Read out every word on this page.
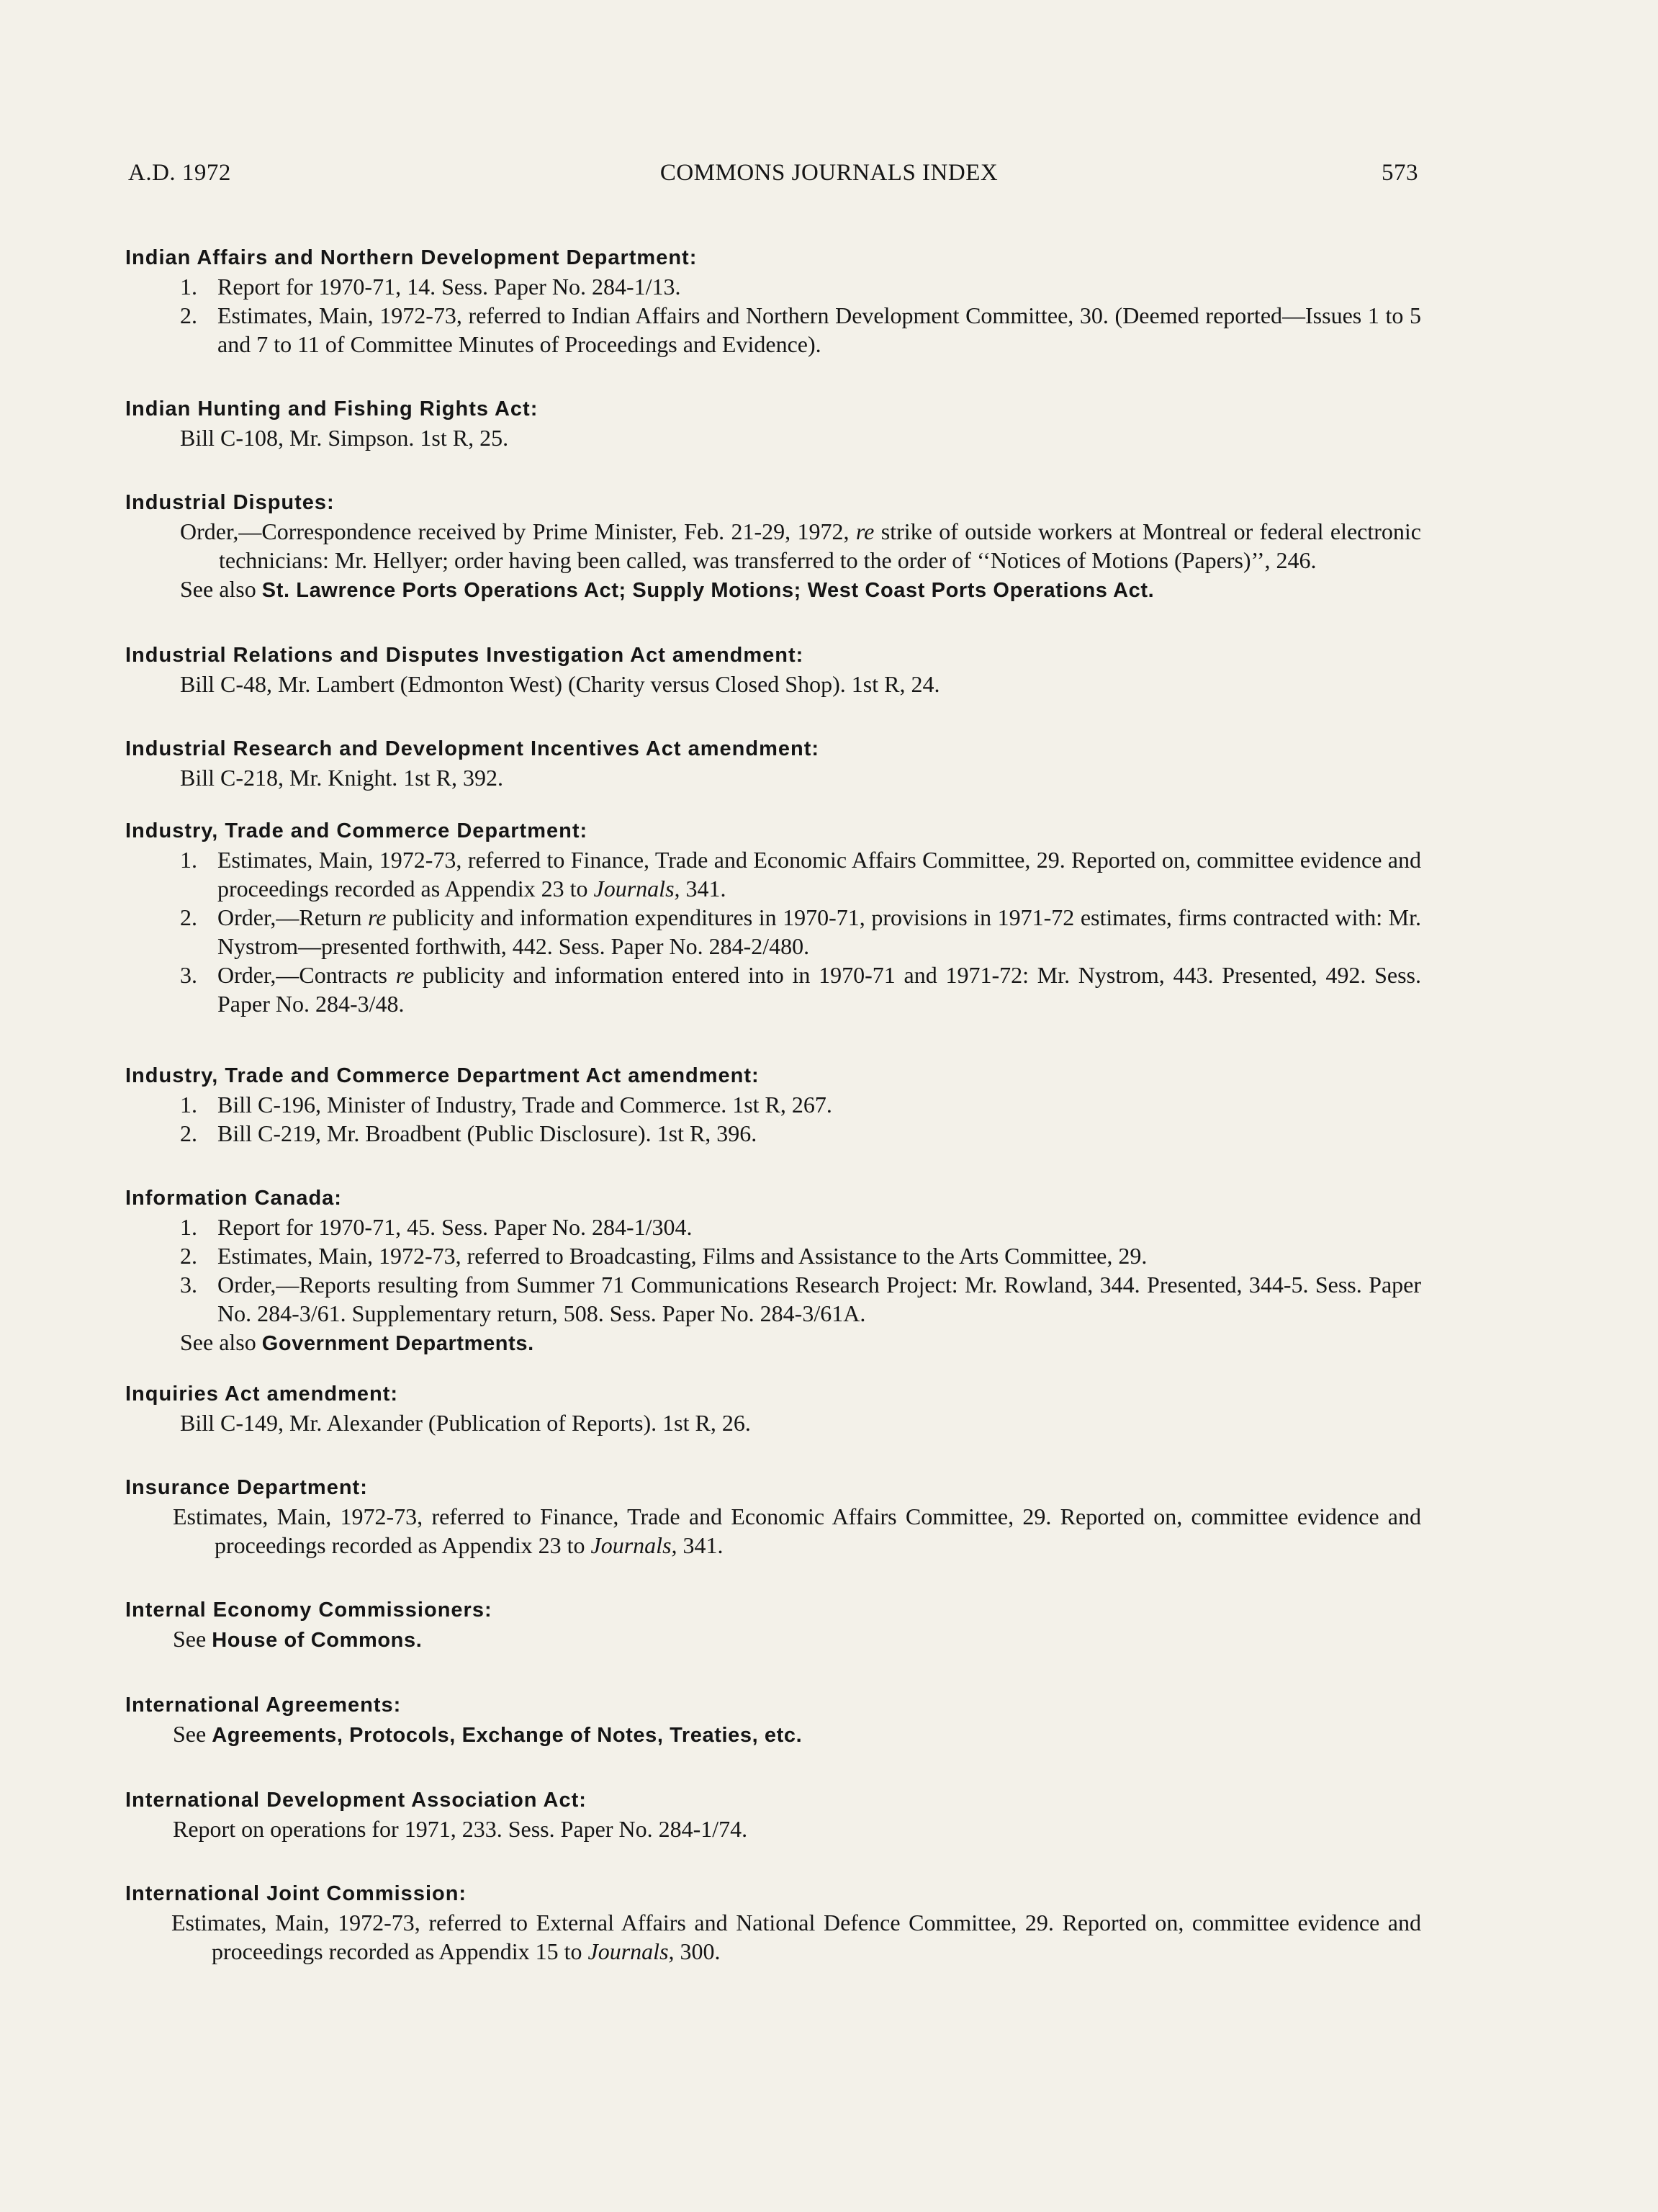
A.D. 1972	COMMONS JOURNALS INDEX	573
Indian Affairs and Northern Development Department:
1. Report for 1970-71, 14. Sess. Paper No. 284-1/13.
2. Estimates, Main, 1972-73, referred to Indian Affairs and Northern Development Committee, 30. (Deemed reported—Issues 1 to 5 and 7 to 11 of Committee Minutes of Proceedings and Evidence).
Indian Hunting and Fishing Rights Act:
Bill C-108, Mr. Simpson. 1st R, 25.
Industrial Disputes:
Order,—Correspondence received by Prime Minister, Feb. 21-29, 1972, re strike of outside workers at Montreal or federal electronic technicians: Mr. Hellyer; order having been called, was transferred to the order of ‘‘Notices of Motions (Papers)’’, 246.
See also St. Lawrence Ports Operations Act; Supply Motions; West Coast Ports Operations Act.
Industrial Relations and Disputes Investigation Act amendment:
Bill C-48, Mr. Lambert (Edmonton West) (Charity versus Closed Shop). 1st R, 24.
Industrial Research and Development Incentives Act amendment:
Bill C-218, Mr. Knight. 1st R, 392.
Industry, Trade and Commerce Department:
1. Estimates, Main, 1972-73, referred to Finance, Trade and Economic Affairs Committee, 29. Reported on, committee evidence and proceedings recorded as Appendix 23 to Journals, 341.
2. Order,—Return re publicity and information expenditures in 1970-71, provisions in 1971-72 estimates, firms contracted with: Mr. Nystrom—presented forthwith, 442. Sess. Paper No. 284-2/480.
3. Order,—Contracts re publicity and information entered into in 1970-71 and 1971-72: Mr. Nystrom, 443. Presented, 492. Sess. Paper No. 284-3/48.
Industry, Trade and Commerce Department Act amendment:
1. Bill C-196, Minister of Industry, Trade and Commerce. 1st R, 267.
2. Bill C-219, Mr. Broadbent (Public Disclosure). 1st R, 396.
Information Canada:
1. Report for 1970-71, 45. Sess. Paper No. 284-1/304.
2. Estimates, Main, 1972-73, referred to Broadcasting, Films and Assistance to the Arts Committee, 29.
3. Order,—Reports resulting from Summer 71 Communications Research Project: Mr. Rowland, 344. Presented, 344-5. Sess. Paper No. 284-3/61. Supplementary return, 508. Sess. Paper No. 284-3/61A.
See also Government Departments.
Inquiries Act amendment:
Bill C-149, Mr. Alexander (Publication of Reports). 1st R, 26.
Insurance Department:
Estimates, Main, 1972-73, referred to Finance, Trade and Economic Affairs Committee, 29. Reported on, committee evidence and proceedings recorded as Appendix 23 to Journals, 341.
Internal Economy Commissioners:
See House of Commons.
International Agreements:
See Agreements, Protocols, Exchange of Notes, Treaties, etc.
International Development Association Act:
Report on operations for 1971, 233. Sess. Paper No. 284-1/74.
International Joint Commission:
Estimates, Main, 1972-73, referred to External Affairs and National Defence Committee, 29. Reported on, committee evidence and proceedings recorded as Appendix 15 to Journals, 300.
